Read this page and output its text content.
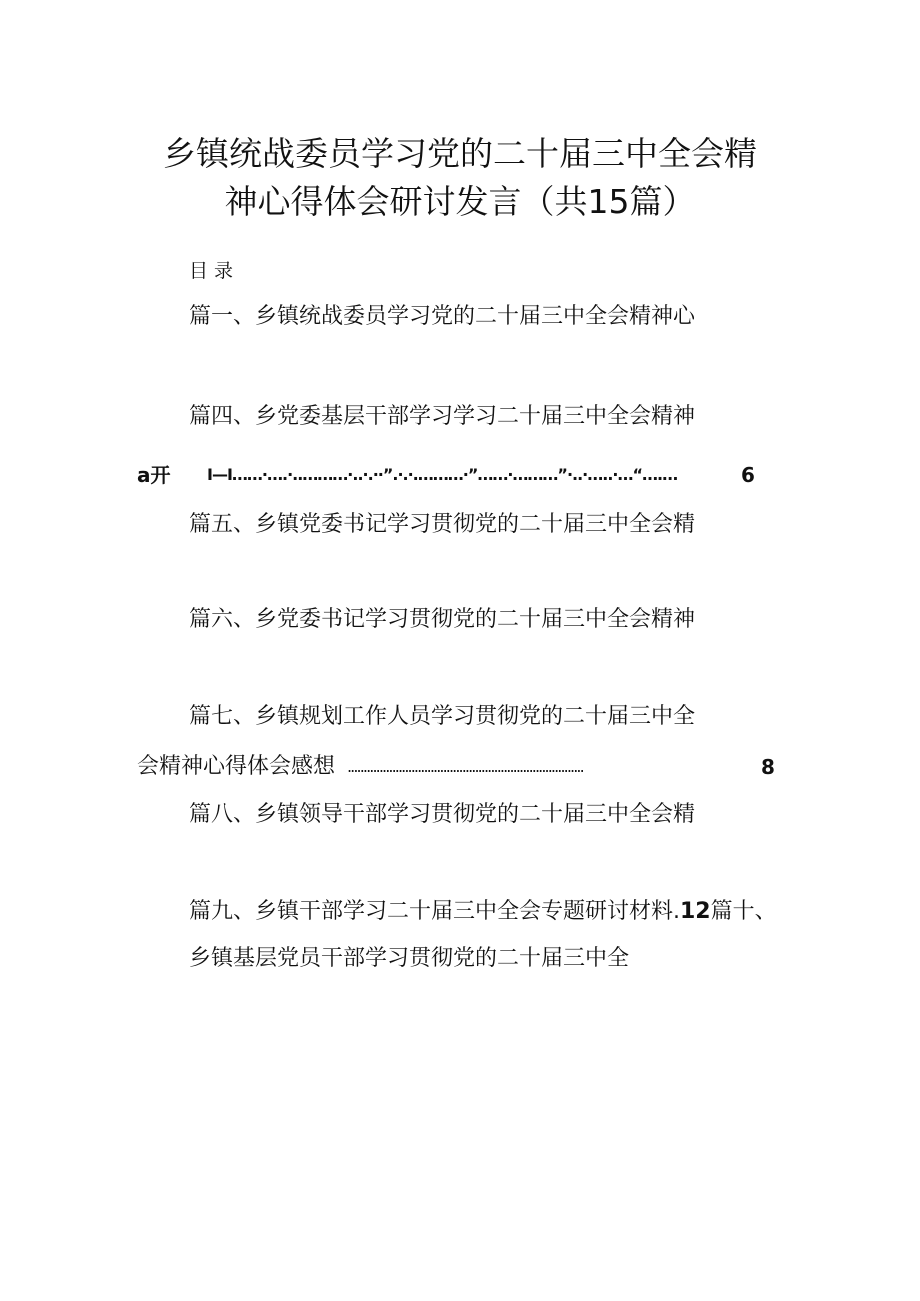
乡镇统战委员学习党的二十届三中全会精
神心得体会研讨发言（共15篇）
目录
篇一、乡镇统战委员学习党的二十届三中全会精神心
篇四、乡党委基层干部学习学习二十届三中全会精神
a开 I—I……·….·..………·..·.··”.·.·.………·”……·………”·..·…..·…“….…	6
篇五、乡镇党委书记学习贯彻党的二十届三中全会精
篇六、乡党委书记学习贯彻党的二十届三中全会精神
篇七、乡镇规划工作人员学习贯彻党的二十届三中全
会精神心得体会感想 ..........................................................................	8
篇八、乡镇领导干部学习贯彻党的二十届三中全会精
篇九、乡镇干部学习二十届三中全会专题研讨材料.12篇十、
乡镇基层党员干部学习贯彻党的二十届三中全
